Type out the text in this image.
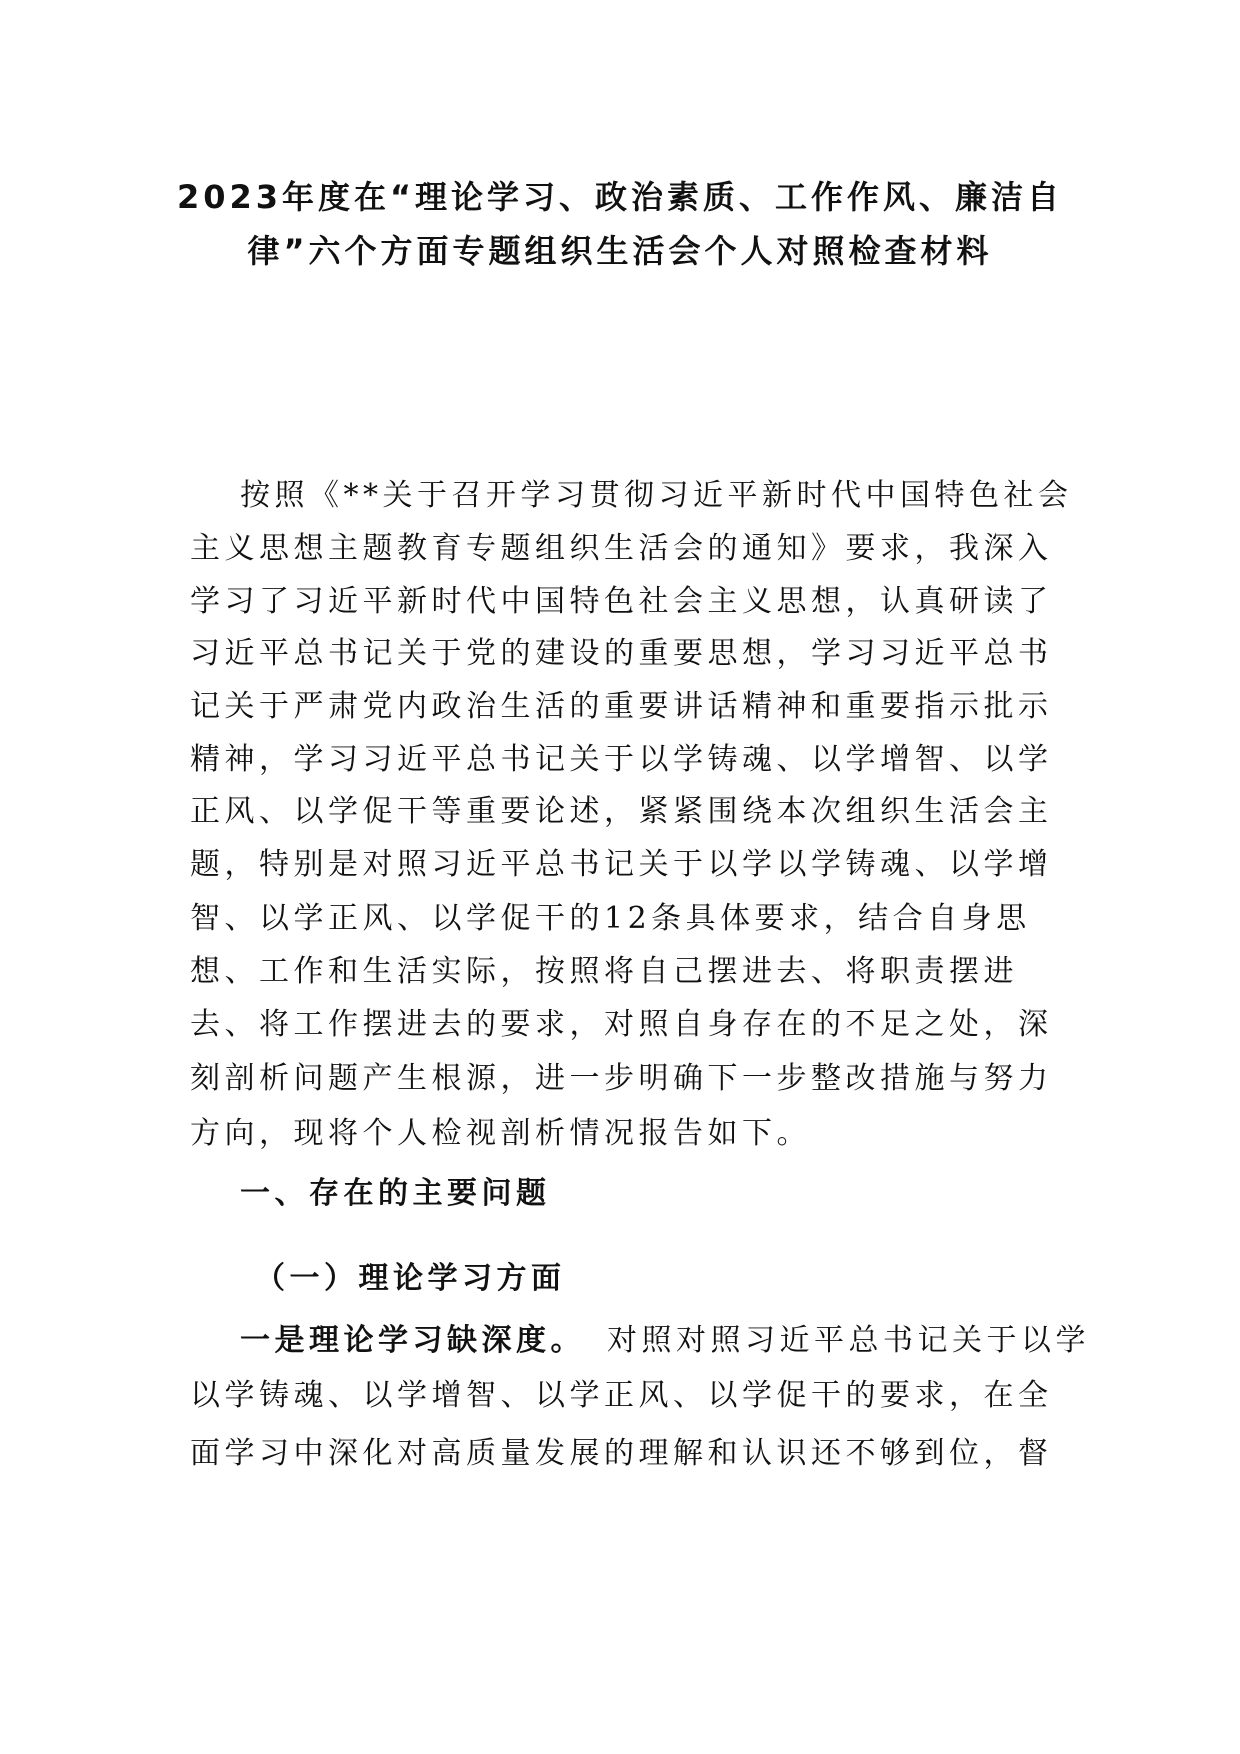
2023年度在“理论学习、政治素质、工作作风、廉洁自
律”六个方面专题组织生活会个人对照检查材料
按照《**关于召开学习贯彻习近平新时代中国特色社会
主义思想主题教育专题组织生活会的通知》要求，我深入
学习了习近平新时代中国特色社会主义思想，认真研读了
习近平总书记关于党的建设的重要思想，学习习近平总书
记关于严肃党内政治生活的重要讲话精神和重要指示批示
精神，学习习近平总书记关于以学铸魂、以学增智、以学
正风、以学促干等重要论述，紧紧围绕本次组织生活会主
题，特别是对照习近平总书记关于以学以学铸魂、以学增
智、以学正风、以学促干的12条具体要求，结合自身思
想、工作和生活实际，按照将自己摆进去、将职责摆进
去、将工作摆进去的要求，对照自身存在的不足之处，深
刻剖析问题产生根源，进一步明确下一步整改措施与努力
方向，现将个人检视剖析情况报告如下。
一、存在的主要问题
（一）理论学习方面
一是理论学习缺深度。 对照对照习近平总书记关于以学
以学铸魂、以学增智、以学正风、以学促干的要求，在全
面学习中深化对高质量发展的理解和认识还不够到位，督
